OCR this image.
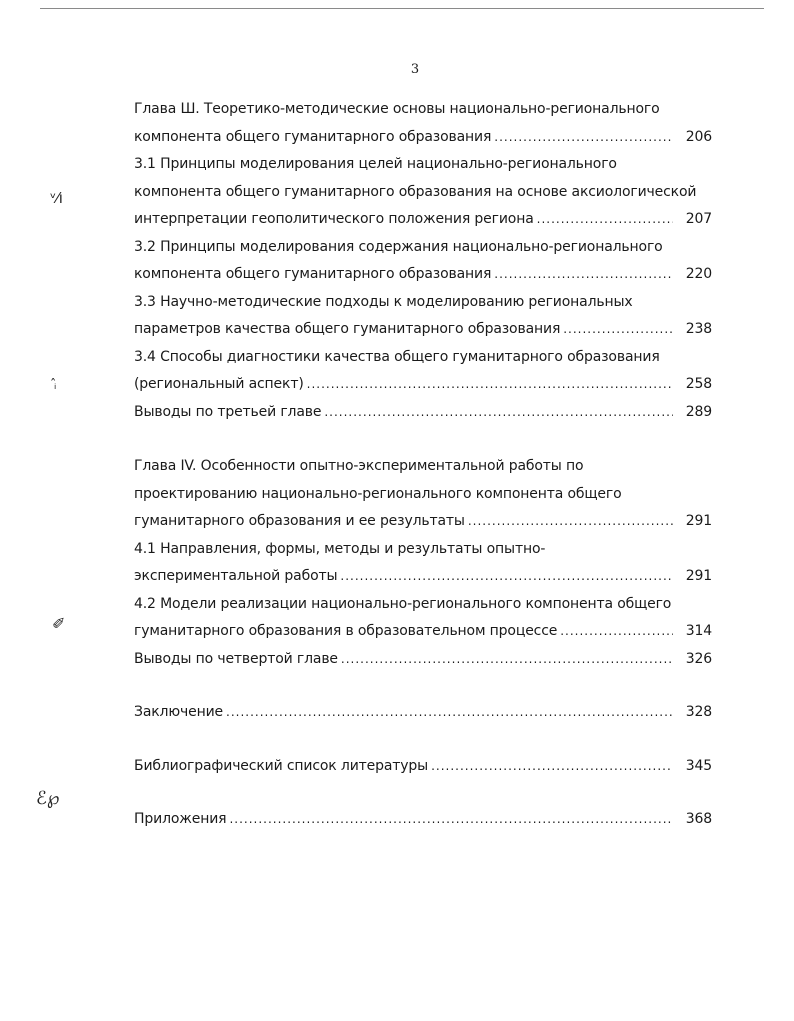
3
ᵛ⁄ı
ᵢ̂
✐
ℰ℘
Глава Ш. Теоретико-методические основы национально-регионального
компонента общего гуманитарного образования .....	206
3.1 Принципы моделирования целей национально-регионального
компонента общего гуманитарного образования на основе аксиологической
интерпретации геополитического положения региона .....	207
3.2 Принципы моделирования содержания национально-регионального
компонента общего гуманитарного образования .....	220
3.3 Научно-методические подходы к моделированию региональных
параметров качества общего гуманитарного образования .....	238
3.4 Способы диагностики качества общего гуманитарного образования
(региональный аспект) .....	258
Выводы по третьей главе .....	289
Глава IV. Особенности опытно-экспериментальной работы по
проектированию национально-регионального компонента общего
гуманитарного образования и ее результаты .....	291
4.1 Направления, формы, методы и результаты опытно-
экспериментальной работы .....	291
4.2 Модели реализации национально-регионального компонента общего
гуманитарного образования в образовательном процессе .....	314
Выводы по четвертой главе .....	326
Заключение .....	328
Библиографический список литературы .....	345
Приложения .....	368
